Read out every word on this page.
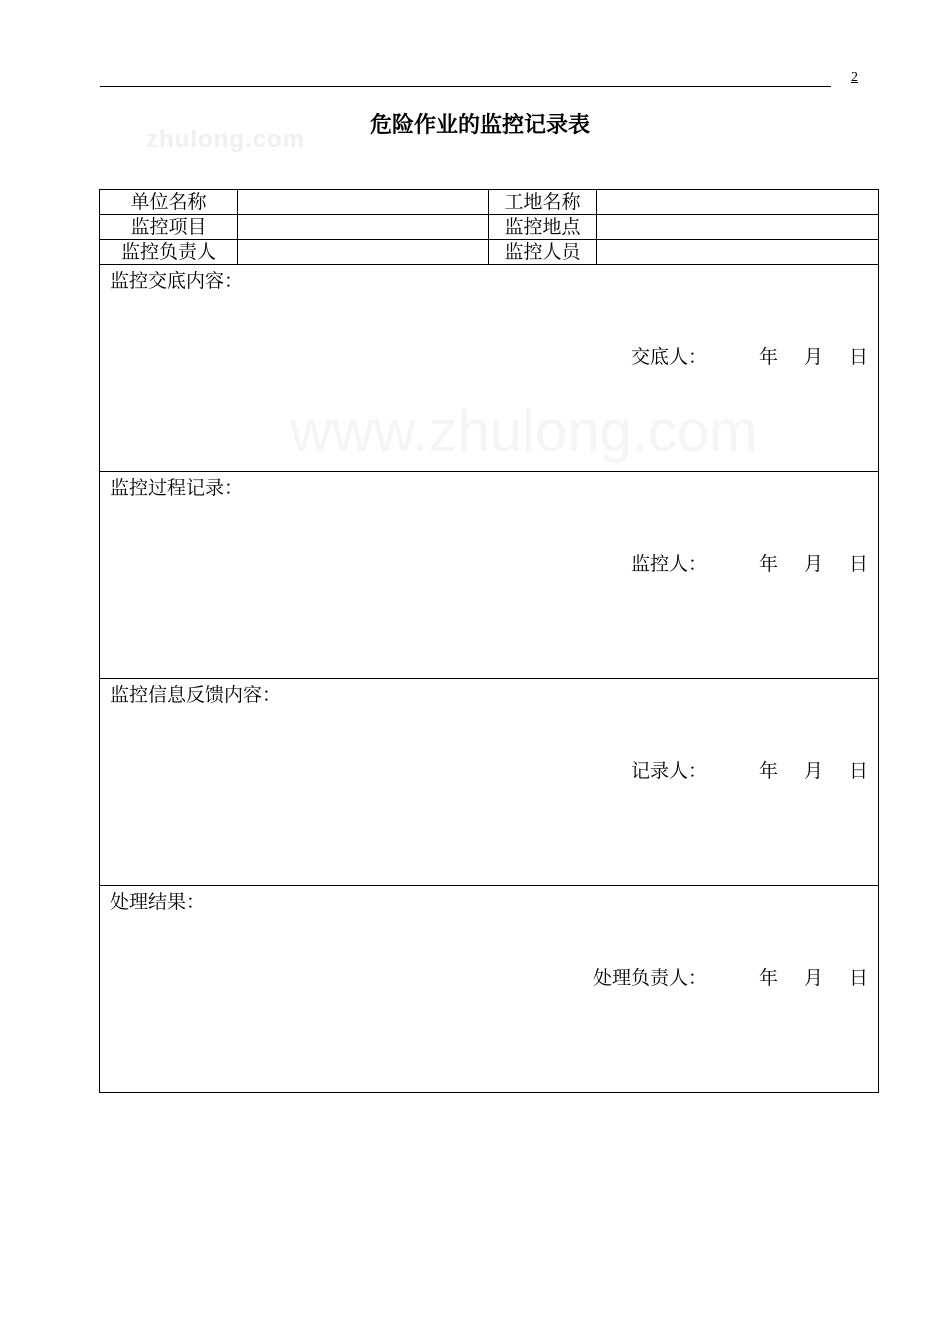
2
zhulong.com
www.zhulong.com
危险作业的监控记录表
单位名称		工地名称	
监控项目		监控地点	
监控负责人		监控人员	

监控交底内容：
交底人： 年 月 日			

监控过程记录：
监控人： 年 月 日			

监控信息反馈内容：
记录人： 年 月 日			

处理结果：
处理负责人： 年 月 日			
